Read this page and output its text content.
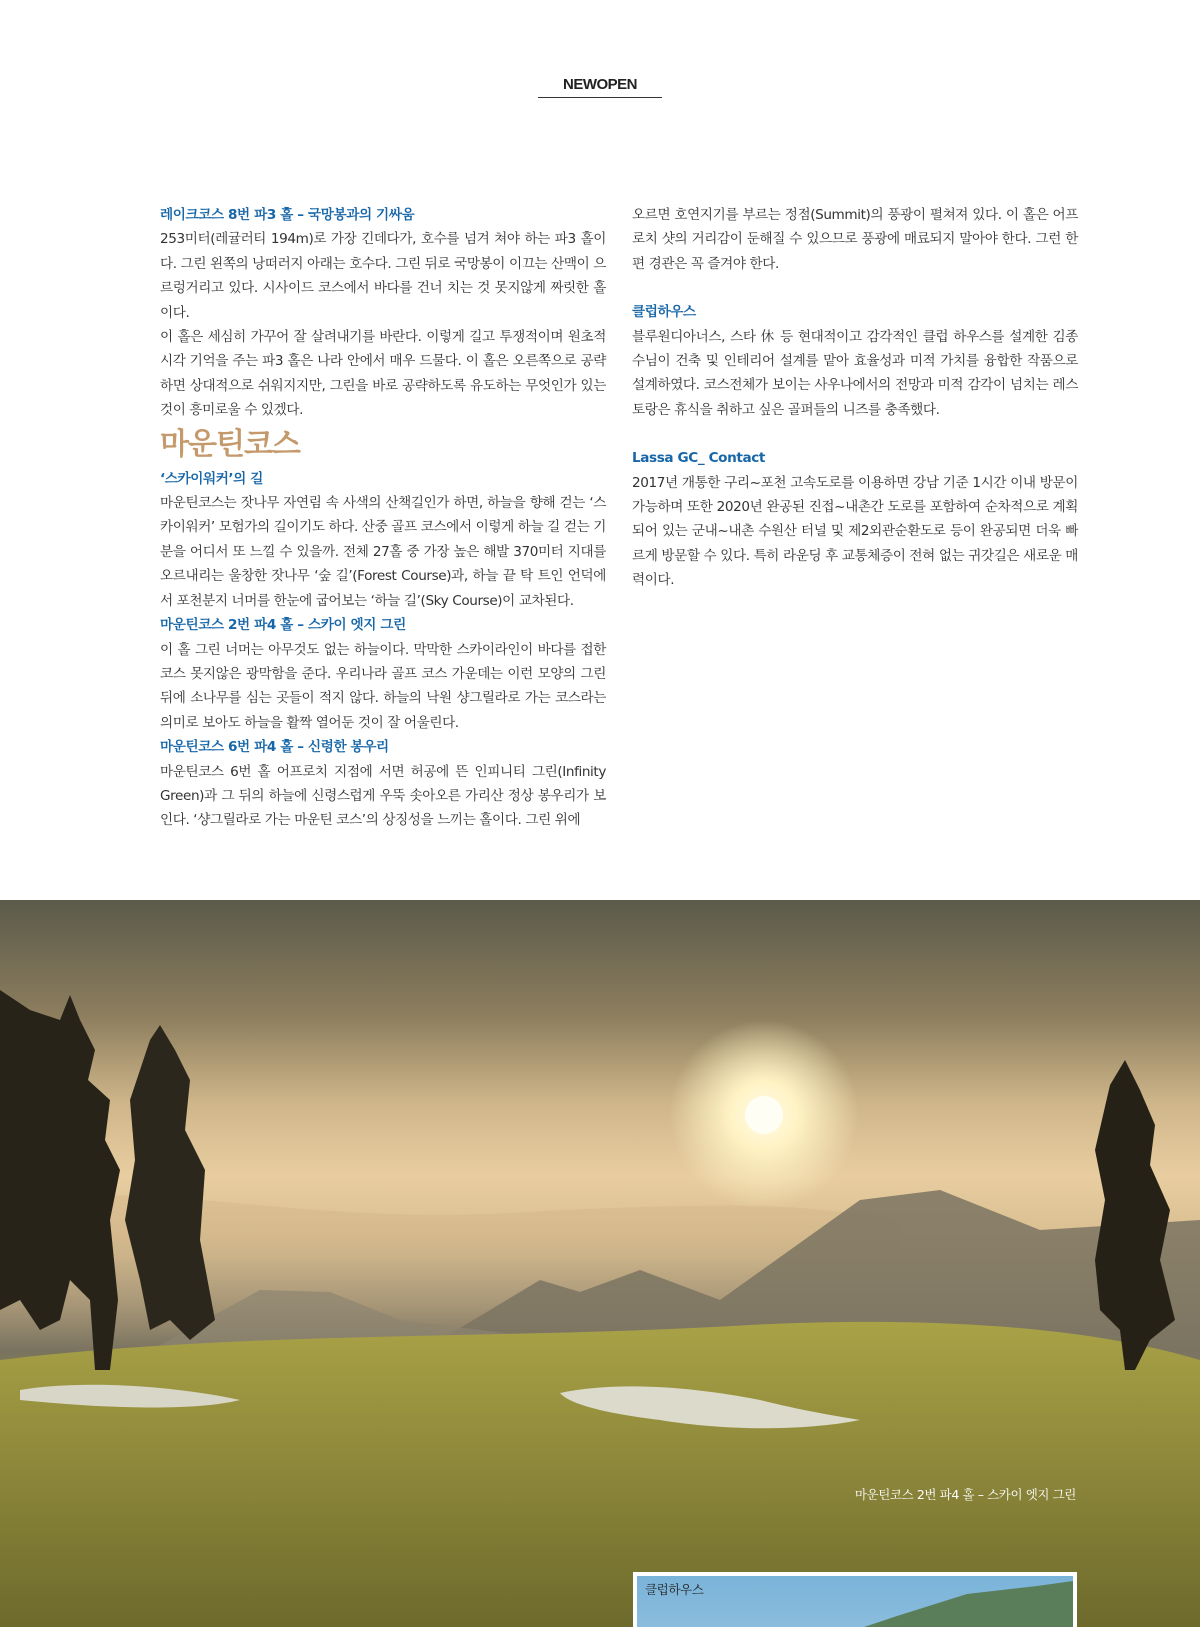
NEWOPEN

레이크코스 8번 파3 홀 – 국망봉과의 기싸움

253미터(레귤러티 194m)로 가장 긴데다가, 호수를 넘겨 쳐야 하는 파3 홀이다. 그린 왼쪽의 낭떠러지 아래는 호수다. 그린 뒤로 국망봉이 이끄는 산맥이 으르렁거리고 있다. 시사이드 코스에서 바다를 건너 치는 것 못지않게 짜릿한 홀이다.

이 홀은 세심히 가꾸어 잘 살려내기를 바란다. 이렇게 길고 투쟁적이며 원초적 시각 기억을 주는 파3 홀은 나라 안에서 매우 드물다. 이 홀은 오른쪽으로 공략하면 상대적으로 쉬워지지만, 그린을 바로 공략하도록 유도하는 무엇인가 있는 것이 흥미로울 수 있겠다.

마운틴코스

‘스카이워커’의 길

마운틴코스는 잣나무 자연림 속 사색의 산책길인가 하면, 하늘을 향해 걷는 ‘스카이워커’ 모험가의 길이기도 하다. 산중 골프 코스에서 이렇게 하늘 길 걷는 기분을 어디서 또 느낄 수 있을까. 전체 27홀 중 가장 높은 해발 370미터 지대를 오르내리는 울창한 잣나무 ‘숲 길’(Forest Course)과, 하늘 끝 탁 트인 언덕에서 포천분지 너머를 한눈에 굽어보는 ‘하늘 길’(Sky Course)이 교차된다.

마운틴코스 2번 파4 홀 – 스카이 엣지 그린

이 홀 그린 너머는 아무것도 없는 하늘이다. 막막한 스카이라인이 바다를 접한 코스 못지않은 광막함을 준다. 우리나라 골프 코스 가운데는 이런 모양의 그린 뒤에 소나무를 심는 곳들이 적지 않다. 하늘의 낙원 샹그릴라로 가는 코스라는 의미로 보아도 하늘을 활짝 열어둔 것이 잘 어울린다.

마운틴코스 6번 파4 홀 – 신령한 봉우리

마운틴코스 6번 홀 어프로치 지점에 서면 허공에 뜬 인피니티 그린(Infinity Green)과 그 뒤의 하늘에 신령스럽게 우뚝 솟아오른 가리산 정상 봉우리가 보인다. ‘샹그릴라로 가는 마운틴 코스’의 상징성을 느끼는 홀이다. 그린 위에

오르면 호연지기를 부르는 정점(Summit)의 풍광이 펼쳐져 있다. 이 홀은 어프로치 샷의 거리감이 둔해질 수 있으므로 풍광에 매료되지 말아야 한다. 그런 한편 경관은 꼭 즐겨야 한다.

클럽하우스

블루원디아너스, 스타 休 등 현대적이고 감각적인 클럽 하우스를 설계한 김종수님이 건축 및 인테리어 설계를 맡아 효율성과 미적 가치를 융합한 작품으로 설계하였다. 코스전체가 보이는 사우나에서의 전망과 미적 감각이 넘치는 레스토랑은 휴식을 취하고 싶은 골퍼들의 니즈를 충족했다.

Lassa GC_ Contact

2017년 개통한 구리~포천 고속도로를 이용하면 강남 기준 1시간 이내 방문이 가능하며 또한 2020년 완공된 진접~내촌간 도로를 포함하여 순차적으로 계획되어 있는 군내~내촌 수원산 터널 및 제2외관순환도로 등이 완공되면 더욱 빠르게 방문할 수 있다. 특히 라운딩 후 교통체증이 전혀 없는 귀갓길은 새로운 매력이다.

클럽하우스
마운틴코스 2번 파4 홀 – 스카이 엣지 그린
